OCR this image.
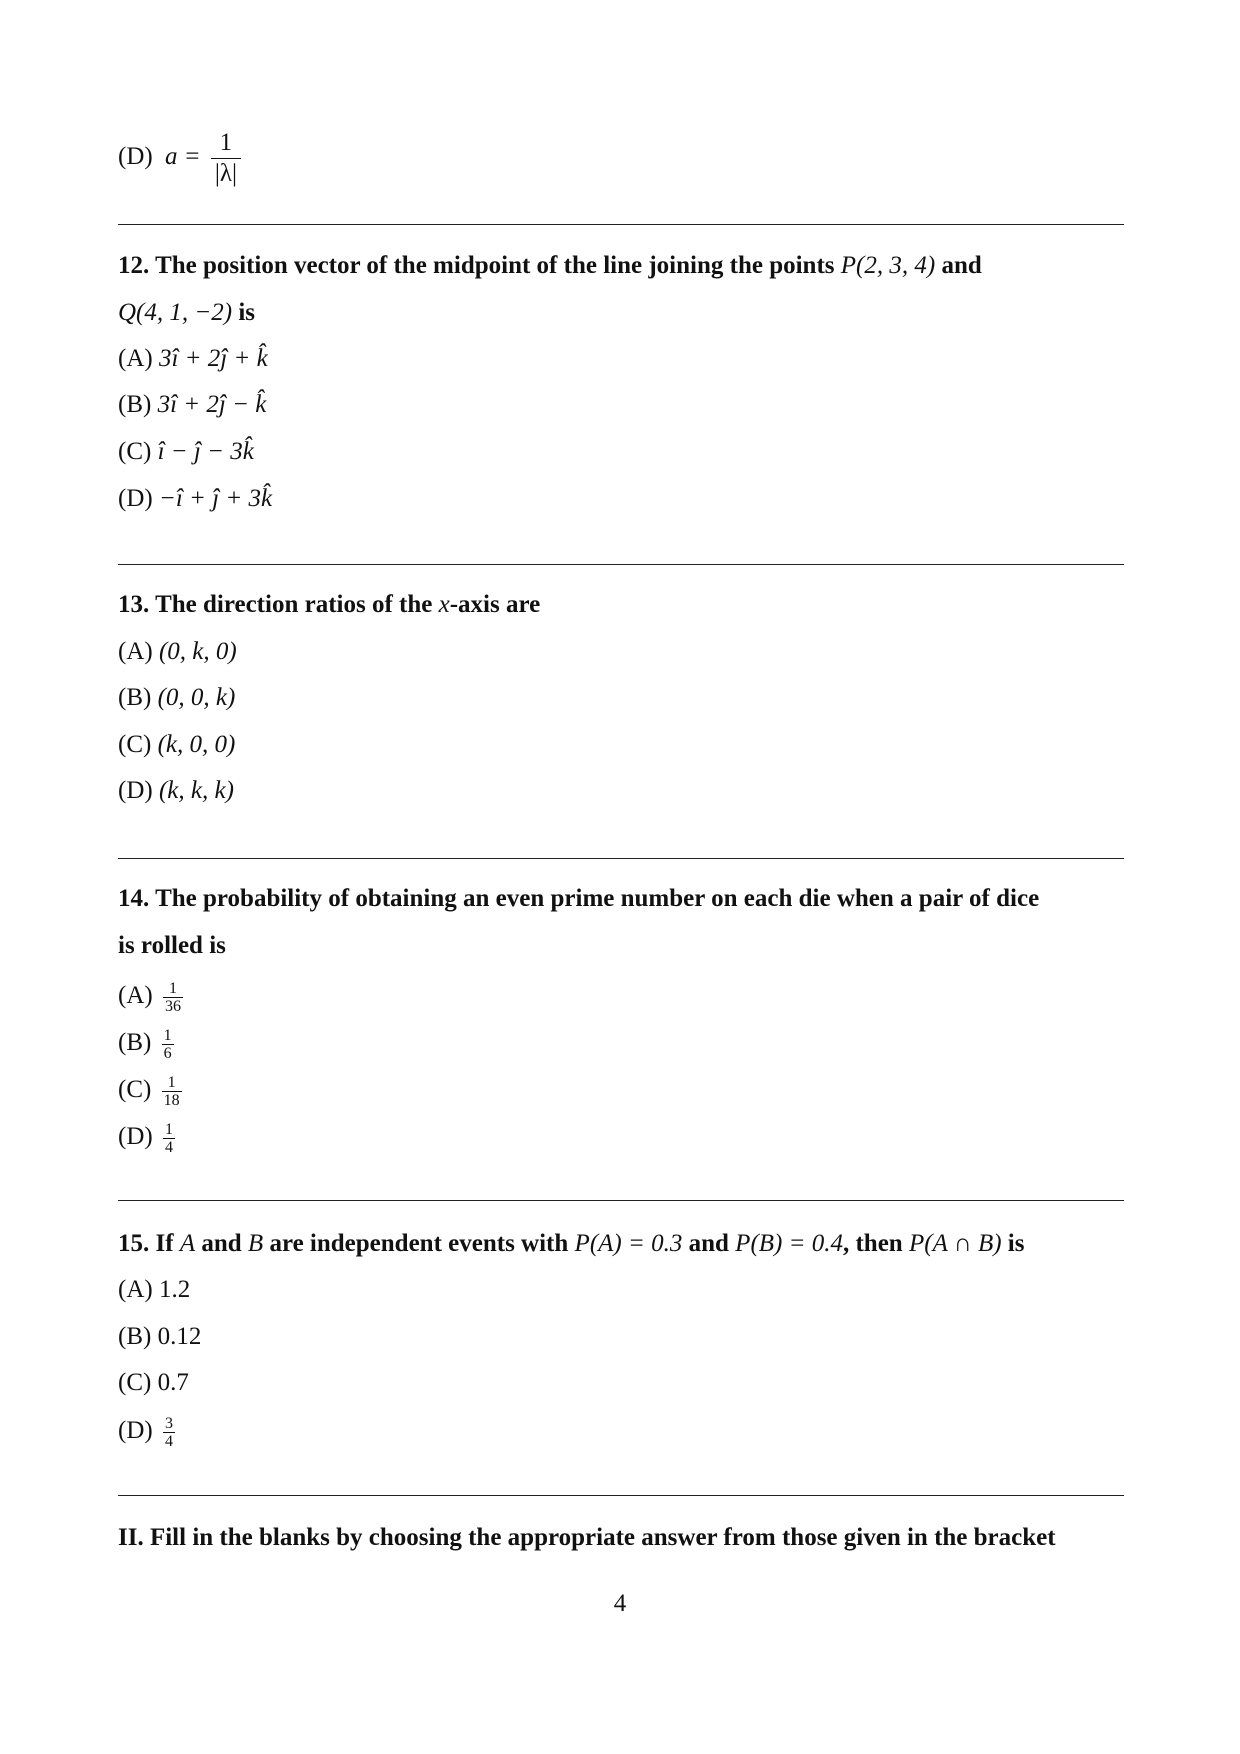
(D) $a = \frac{1}{|\lambda|}$
12. The position vector of the midpoint of the line joining the points P(2, 3, 4) and
Q(4, 1, −2) is
(A) 3î + 2ĵ + k̂
(B) 3î + 2ĵ − k̂
(C) î − ĵ − 3k̂
(D) −î + ĵ + 3k̂
13. The direction ratios of the x-axis are
(A) (0, k, 0)
(B) (0, 0, k)
(C) (k, 0, 0)
(D) (k, k, k)
14. The probability of obtaining an even prime number on each die when a pair of dice
is rolled is
$(A) \frac{1}{36}$
$(B) \frac{1}{6}$
$(C) \frac{1}{18}$
$(D) \frac{1}{4}$
15. If A and B are independent events with P(A) = 0.3 and P(B) = 0.4, then P(A ∩ B) is
(A) 1.2
(B) 0.12
(C) 0.7
$(D) \frac{3}{4}$
II. Fill in the blanks by choosing the appropriate answer from those given in the bracket
4
